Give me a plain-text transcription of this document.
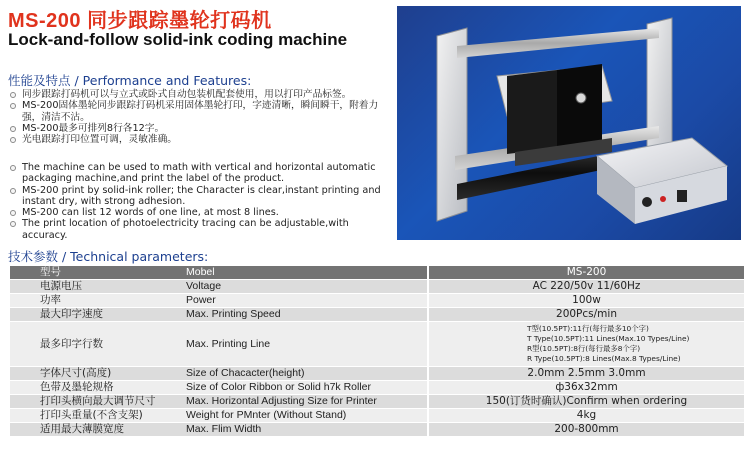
MS-200 同步跟踪墨轮打码机
Lock-and-follow solid-ink coding machine
性能及特点 / Performance and Features:
同步跟踪打码机可以与立式或卧式自动包装机配套使用，用以打印产品标签。
MS-200固体墨轮同步跟踪打码机采用固体墨轮打印，字迹清晰，瞬间瞬干，附着力强，清洁不沾。
MS-200最多可排列8行各12字。
光电跟踪打印位置可调，灵敏准确。
The machine can be used to math with vertical and horizontal automatic packaging machine,and print the label of the product.
MS-200 print by solid-ink roller; the Character is clear,instant printing and instant dry, with strong adhesion.
MS-200 can list 12 words of one line, at most 8 lines.
The print location of photoelectricity tracing can be adjustable,with accuracy.
技术参数 / Technical parameters:
型号	Mobel	MS-200
电源电压	Voltage	AC 220/50v 11/60Hz
功率	Power	100w
最大印字速度	Max. Printing Speed	200Pcs/min
最多印字行数	Max. Printing Line	T型(10.5PT):11行(每行最多10个字)
T Type(10.5PT):11 Lines(Max.10 Types/Line)
R型(10.5PT):8行(每行最多8个字)
R Type(10.5PT):8 Lines(Max.8 Types/Line)

字体尺寸(高度)	Size of Chacacter(height)	2.0mm 2.5mm 3.0mm
色带及墨轮规格	Size of Color Ribbon or Solid h7k Roller	ф36x32mm
打印头横向最大调节尺寸	Max. Horizontal Adjusting Size for Printer	150(订货时确认)Confirm when ordering
打印头重量(不含支架)	Weight for PMnter (Without Stand)	4kg
适用最大薄膜宽度	Max. Flim Width	200-800mm
